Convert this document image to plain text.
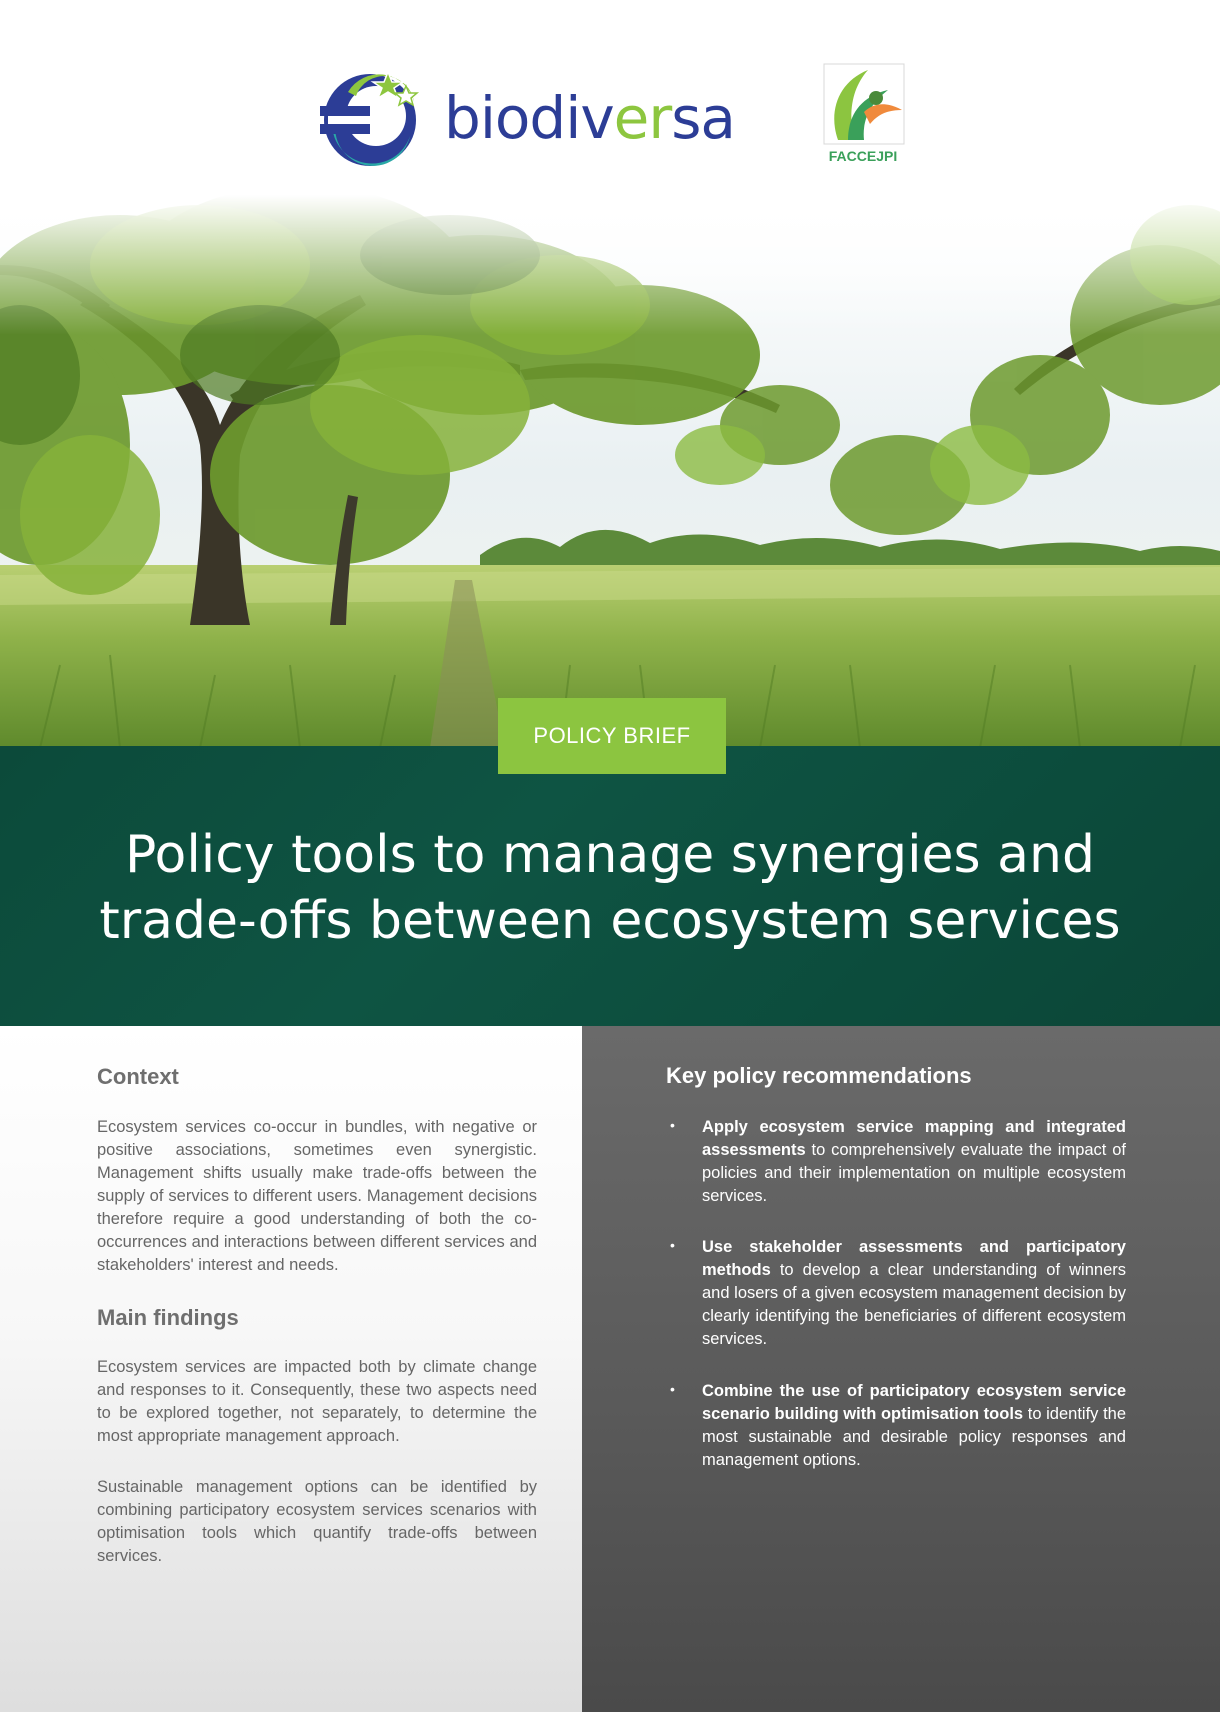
biodiversa
FACCEJPI
POLICY BRIEF
Policy tools to manage synergies and
trade-offs between ecosystem services
Context
Ecosystem services co-occur in bundles, with negative or positive associations, sometimes even synergistic. Management shifts usually make trade-offs between the supply of services to different users. Management decisions therefore require a good understanding of both the co-occurrences and interactions between different services and stakeholders' interest and needs.
Main findings
Ecosystem services are impacted both by climate change and responses to it. Consequently, these two aspects need to be explored together, not separately, to determine the most appropriate management approach.
Sustainable management options can be identified by combining participatory ecosystem services scenarios with optimisation tools which quantify trade-offs between services.
Key policy recommendations
• Apply ecosystem service mapping and integrated assessments to comprehensively evaluate the impact of policies and their implementation on multiple ecosystem services.
• Use stakeholder assessments and participatory methods to develop a clear understanding of winners and losers of a given ecosystem management decision by clearly identifying the beneficiaries of different ecosystem services.
• Combine the use of participatory ecosystem service scenario building with optimisation tools to identify the most sustainable and desirable policy responses and management options.
